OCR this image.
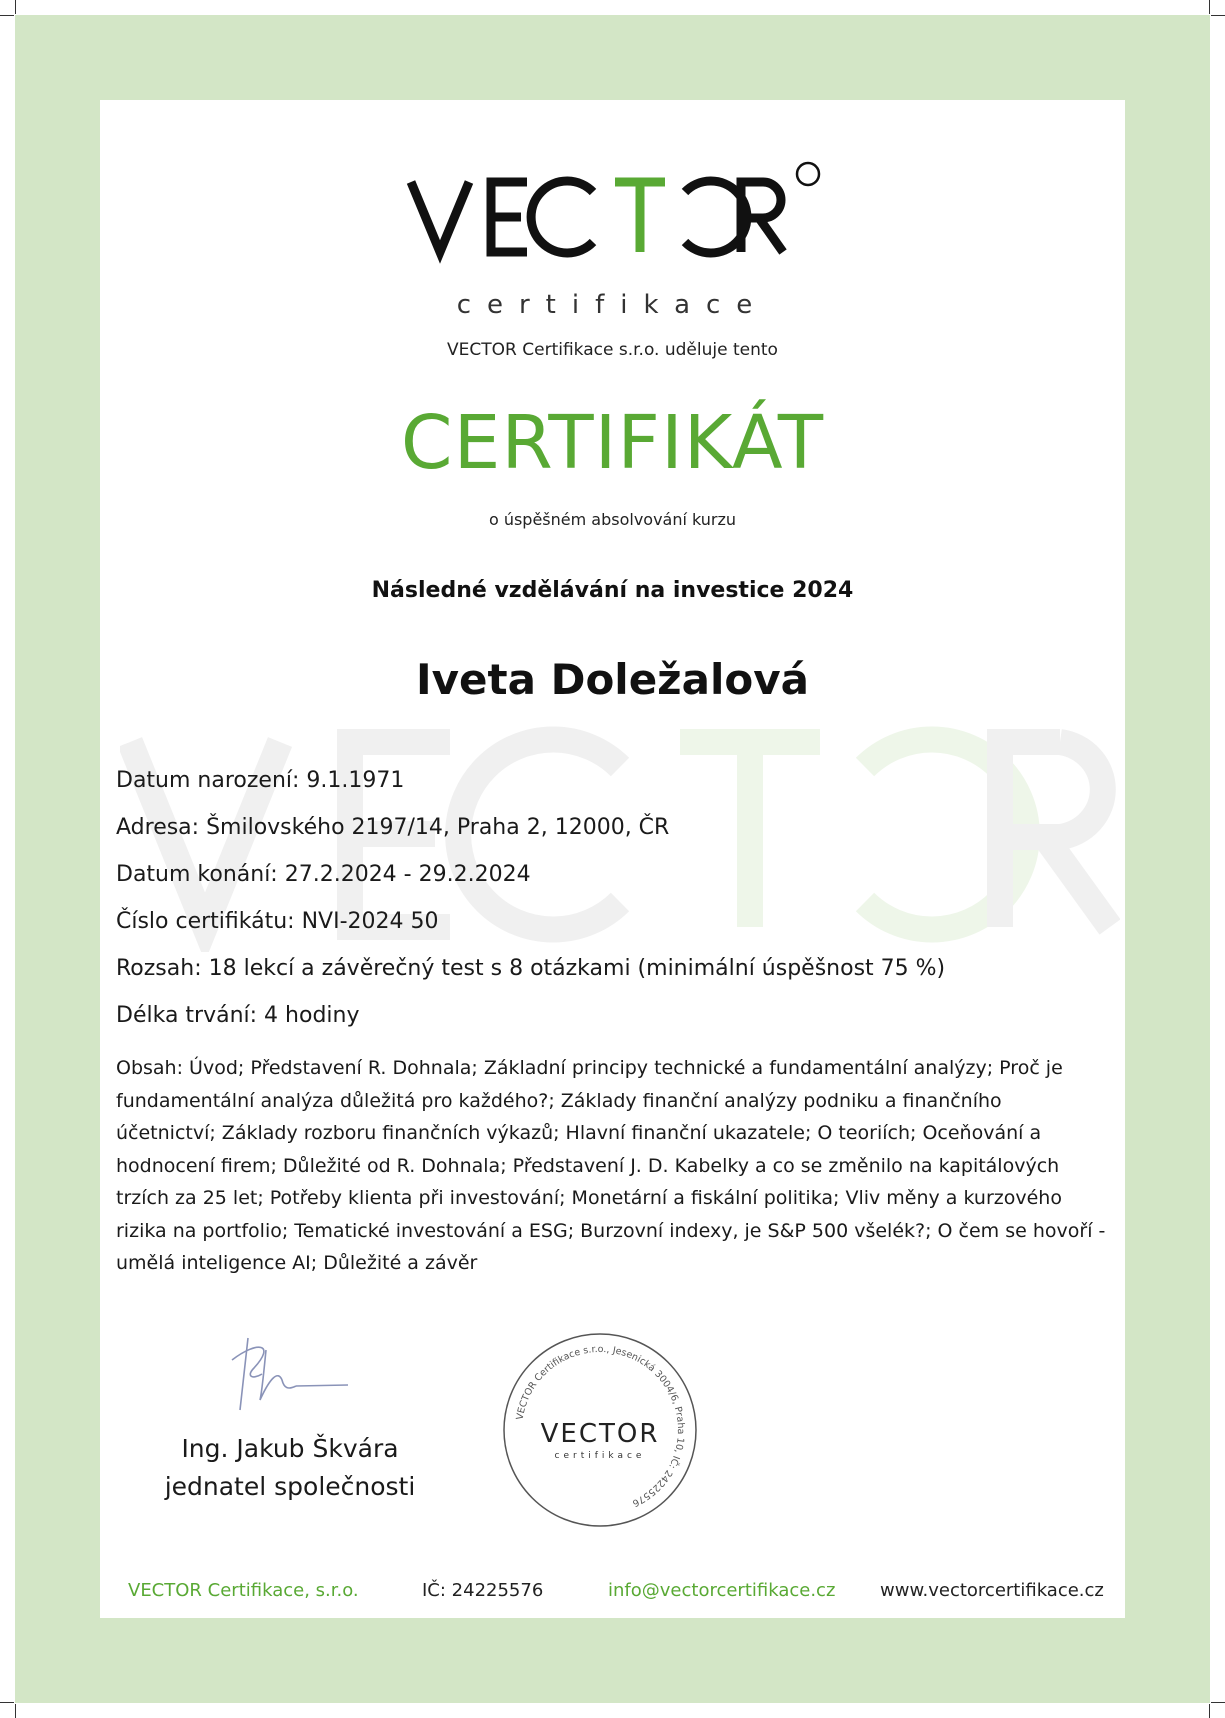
certifikace
VECTOR Certifikace s.r.o. uděluje tento
CERTIFIKÁT
o úspěšném absolvování kurzu
Následné vzdělávání na investice 2024
Iveta Doležalová
Datum narození: 9.1.1971
Adresa: Šmilovského 2197/14, Praha 2, 12000, ČR
Datum konání: 27.2.2024 - 29.2.2024
Číslo certifikátu: NVI-2024 50
Rozsah: 18 lekcí a závěrečný test s 8 otázkami (minimální úspěšnost 75 %)
Délka trvání: 4 hodiny
Obsah: Úvod; Představení R. Dohnala; Základní principy technické a fundamentální analýzy; Proč je fundamentální analýza důležitá pro každého?; Základy finanční analýzy podniku a finančního účetnictví; Základy rozboru finančních výkazů; Hlavní finanční ukazatele; O teoriích; Oceňování a hodnocení firem; Důležité od R. Dohnala; Představení J. D. Kabelky a co se změnilo na kapitálových trzích za 25 let; Potřeby klienta při investování; Monetární a fiskální politika; Vliv měny a kurzového rizika na portfolio; Tematické investování a ESG; Burzovní indexy, je S&P 500 všelék?; O čem se hovoří - umělá inteligence AI; Důležité a závěr
Ing. Jakub Škvára
jednatel společnosti
VECTOR Certifikace s.r.o., Jesenická 3004/6, Praha 10, IČ: 24225576
VECTOR
certifikace
VECTOR Certifikace, s.r.o.	IČ: 24225576	info@vectorcertifikace.cz www.vectorcertifikace.cz
